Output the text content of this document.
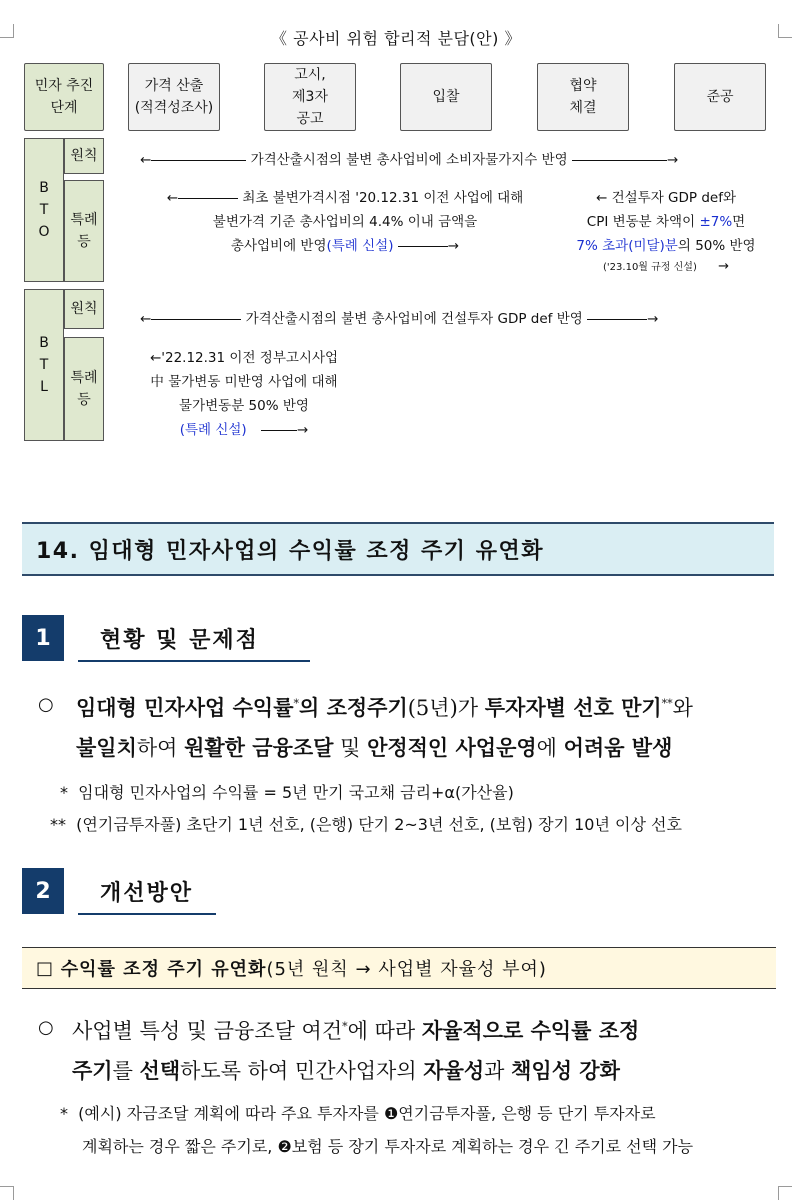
《 공사비 위험 합리적 분담(안) 》
민자 추진
단계
가격 산출
(적격성조사)
고시,
제3자
공고
입찰
협약
체결
준공
B
T
O
원칙
특례
등
←	가격산출시점의 불변 총사업비에 소비자물가지수 반영	→
←	최초 불변가격시점 '20.12.31 이전 사업에 대해
불변가격 기준 총사업비의 4.4% 이내 금액을
총사업비에 반영(특례 신설)	→
← 건설투자 GDP def와
CPI 변동분 차액이 ±7%면
7% 초과(미달)분의 50% 반영
('23.10월 규정 신설) →
B
T
L
원칙
특례
등
←	가격산출시점의 불변 총사업비에 건설투자 GDP def 반영	→
←'22.12.31 이전 정부고시사업
中 물가변동 미반영 사업에 대해
물가변동분 50% 반영
(특례 신설)	→
14. 임대형 민자사업의 수익률 조정 주기 유연화
1	현황 및 문제점
○ 임대형 민자사업 수익률*의 조정주기(5년)가 투자자별 선호 만기**와
불일치하여 원활한 금융조달 및 안정적인 사업운영에 어려움 발생
* 임대형 민자사업의 수익률 = 5년 만기 국고채 금리+α(가산율)
** (연기금투자풀) 초단기 1년 선호, (은행) 단기 2~3년 선호, (보험) 장기 10년 이상 선호
2	개선방안
□
수익률 조정 주기 유연화 (5년 원칙 → 사업별 자율성 부여)
○ 사업별 특성 및 금융조달 여건*에 따라 자율적으로 수익률 조정
주기를 선택하도록 하여 민간사업자의 자율성과 책임성 강화
* (예시) 자금조달 계획에 따라 주요 투자자를 ❶연기금투자풀, 은행 등 단기 투자자로
계획하는 경우 짧은 주기로, ❷보험 등 장기 투자자로 계획하는 경우 긴 주기로 선택 가능
